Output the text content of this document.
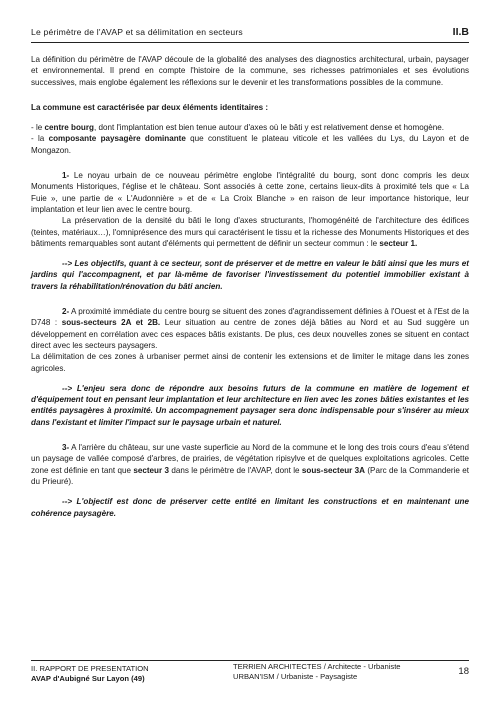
Le périmètre de l'AVAP et sa délimitation en secteurs	II.B

La définition du périmètre de l'AVAP découle de la globalité des analyses des diagnostics architectural, urbain, paysager et environnemental. Il prend en compte l'histoire de la commune, ses richesses patrimoniales et ses évolutions successives, mais englobe également les réflexions sur le devenir et les transformations possibles de la commune.

La commune est caractérisée par deux éléments identitaires :

- le centre bourg, dont l'implantation est bien tenue autour d'axes où le bâti y est relativement dense et homogène.

- la composante paysagère dominante que constituent le plateau viticole et les vallées du Lys, du Layon et de Mongazon.

1- Le noyau urbain de ce nouveau périmètre englobe l'intégralité du bourg, sont donc compris les deux Monuments Historiques, l'église et le château. Sont associés à cette zone, certains lieux-dits à proximité tels que « La Fuie », une partie de « L'Audonnière » et de « La Croix Blanche » en raison de leur importance historique, leur implantation et leur lien avec le centre bourg.

La préservation de la densité du bâti le long d'axes structurants, l'homogénéité de l'architecture des édifices (teintes, matériaux…), l'omniprésence des murs qui caractérisent le tissu et la richesse des Monuments Historiques et des bâtiments remarquables sont autant d'éléments qui permettent de définir un secteur commun : le secteur 1.

--> Les objectifs, quant à ce secteur, sont de préserver et de mettre en valeur le bâti ainsi que les murs et jardins qui l'accompagnent, et par là-même de favoriser l'investissement du potentiel immobilier existant à travers la réhabilitation/rénovation du bâti ancien.

2- A proximité immédiate du centre bourg se situent des zones d'agrandissement définies à l'Ouest et à l'Est de la D748 : sous-secteurs 2A et 2B. Leur situation au centre de zones déjà bâties au Nord et au Sud suggère un développement en corrélation avec ces espaces bâtis existants. De plus, ces deux nouvelles zones se situent en contact direct avec les secteurs paysagers.

La délimitation de ces zones à urbaniser permet ainsi de contenir les extensions et de limiter le mitage dans les zones agricoles.

--> L'enjeu sera donc de répondre aux besoins futurs de la commune en matière de logement et d'équipement tout en pensant leur implantation et leur architecture en lien avec les zones bâties existantes et les entités paysagères à proximité. Un accompagnement paysager sera donc indispensable pour s'insérer au mieux dans l'existant et limiter l'impact sur le paysage urbain et naturel.

3- A l'arrière du château, sur une vaste superficie au Nord de la commune et le long des trois cours d'eau s'étend un paysage de vallée composé d'arbres, de prairies, de végétation ripisylve et de quelques exploitations agricoles. Cette zone est définie en tant que secteur 3 dans le périmètre de l'AVAP, dont le sous-secteur 3A (Parc de la Commanderie et du Prieuré).

--> L'objectif est donc de préserver cette entité en limitant les constructions et en maintenant une cohérence paysagère.

II. RAPPORT DE PRESENTATION
AVAP d'Aubigné Sur Layon (49)
TERRIEN ARCHITECTES / Architecte - Urbaniste
URBAN'ISM / Urbaniste - Paysagiste	18
